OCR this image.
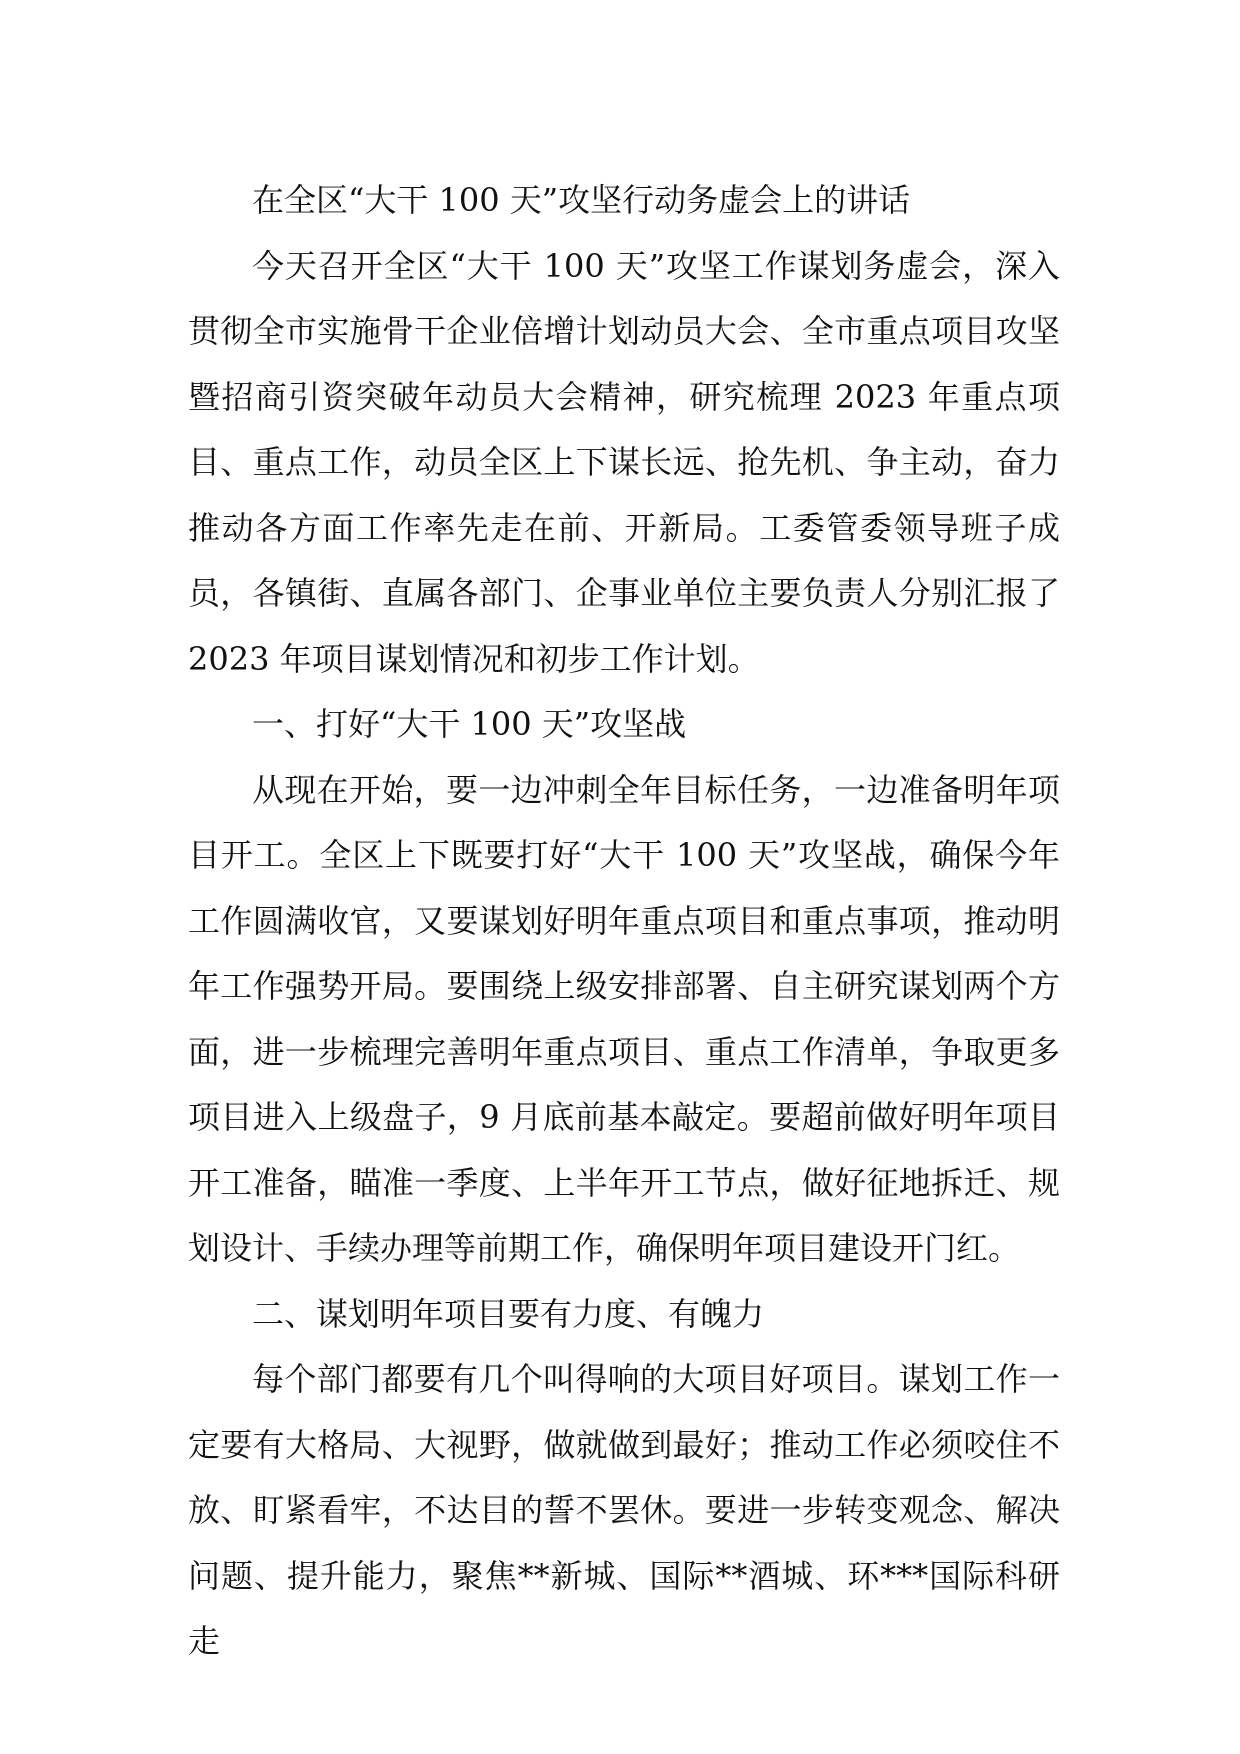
在全区“大干 100 天”攻坚行动务虚会上的讲话

今天召开全区“大干 100 天”攻坚工作谋划务虚会，深入贯彻全市实施骨干企业倍增计划动员大会、全市重点项目攻坚暨招商引资突破年动员大会精神，研究梳理 2023 年重点项目、重点工作，动员全区上下谋长远、抢先机、争主动，奋力推动各方面工作率先走在前、开新局。工委管委领导班子成员，各镇街、直属各部门、企事业单位主要负责人分别汇报了 2023 年项目谋划情况和初步工作计划。

一、打好“大干 100 天”攻坚战

从现在开始，要一边冲刺全年目标任务，一边准备明年项目开工。全区上下既要打好“大干 100 天”攻坚战，确保今年工作圆满收官，又要谋划好明年重点项目和重点事项，推动明年工作强势开局。要围绕上级安排部署、自主研究谋划两个方面，进一步梳理完善明年重点项目、重点工作清单，争取更多项目进入上级盘子，9 月底前基本敲定。要超前做好明年项目开工准备，瞄准一季度、上半年开工节点，做好征地拆迁、规划设计、手续办理等前期工作，确保明年项目建设开门红。

二、谋划明年项目要有力度、有魄力

每个部门都要有几个叫得响的大项目好项目。谋划工作一定要有大格局、大视野，做就做到最好；推动工作必须咬住不放、盯紧看牢，不达目的誓不罢休。要进一步转变观念、解决问题、提升能力，聚焦**新城、国际**酒城、环***国际科研走
